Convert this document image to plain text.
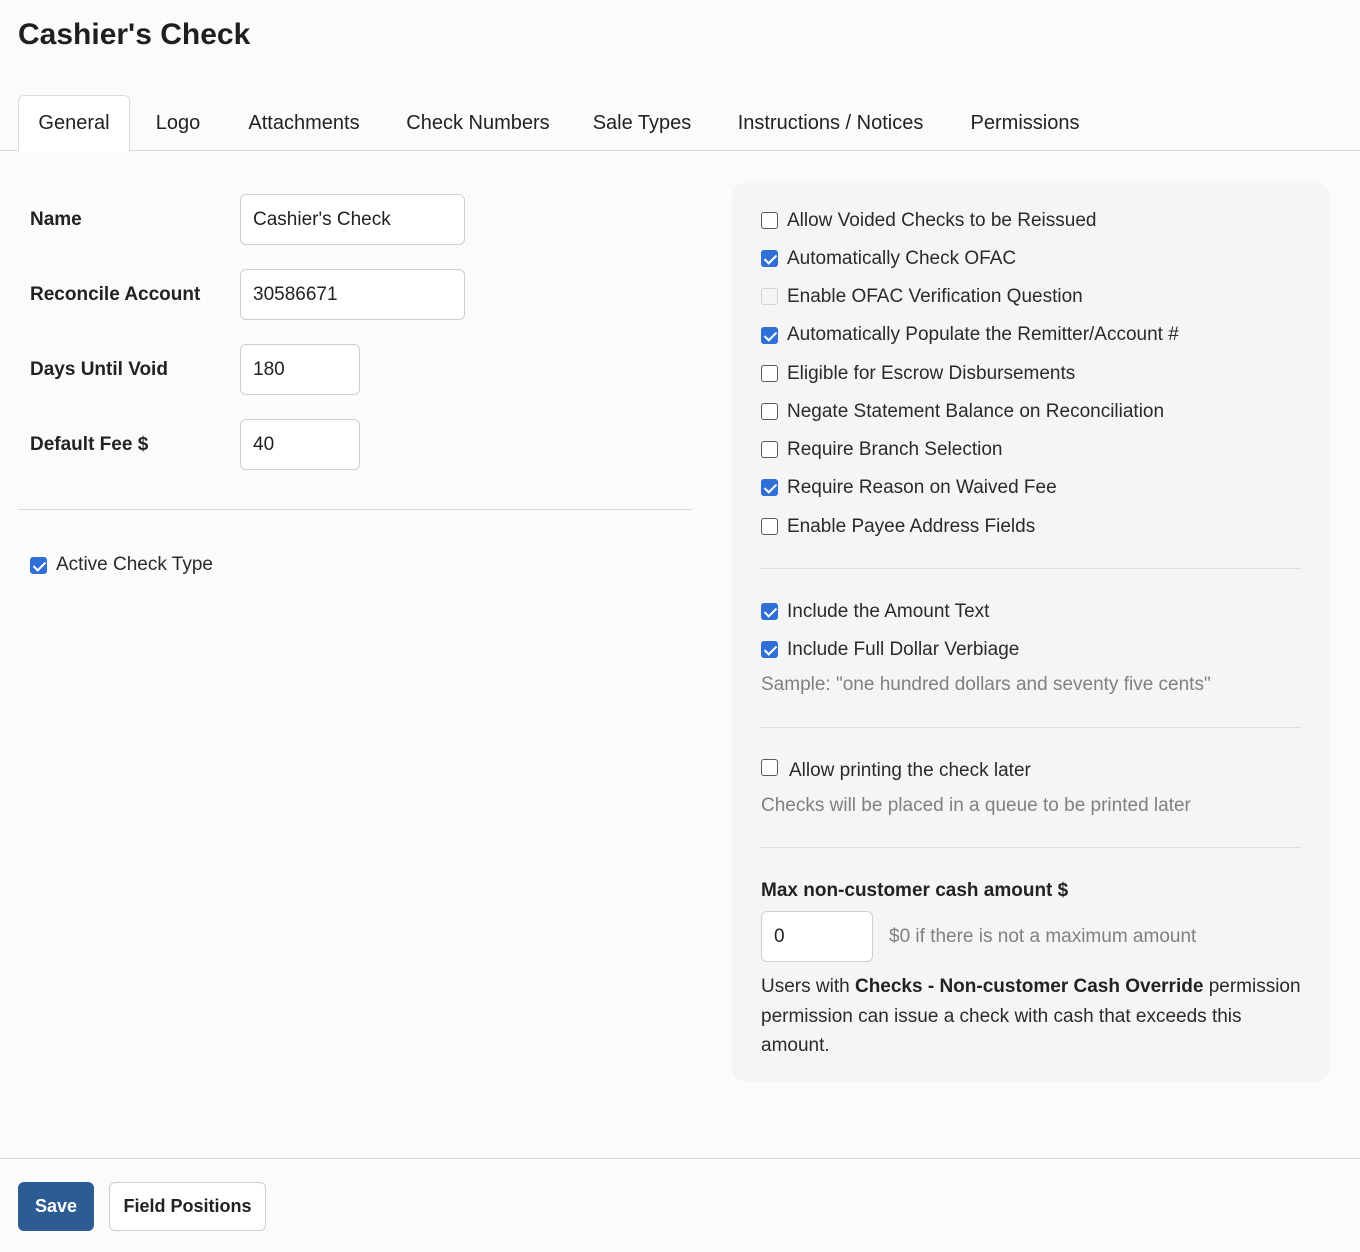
Cashier's Check
General	Logo	Attachments	Check Numbers	Sale Types	Instructions / Notices	Permissions
Name
Cashier's Check
Reconcile Account
30586671
Days Until Void
180
Default Fee $
40
Active Check Type
Allow Voided Checks to be Reissued
Automatically Check OFAC
Enable OFAC Verification Question
Automatically Populate the Remitter/Account #
Eligible for Escrow Disbursements
Negate Statement Balance on Reconciliation
Require Branch Selection
Require Reason on Waived Fee
Enable Payee Address Fields
Include the Amount Text
Include Full Dollar Verbiage
Sample: "one hundred dollars and seventy five cents"
Allow printing the check later
Checks will be placed in a queue to be printed later
Max non-customer cash amount $
0
$0 if there is not a maximum amount
Users with Checks - Non-customer Cash Override permission permission can issue a check with cash that exceeds this amount.
Save	Field Positions
